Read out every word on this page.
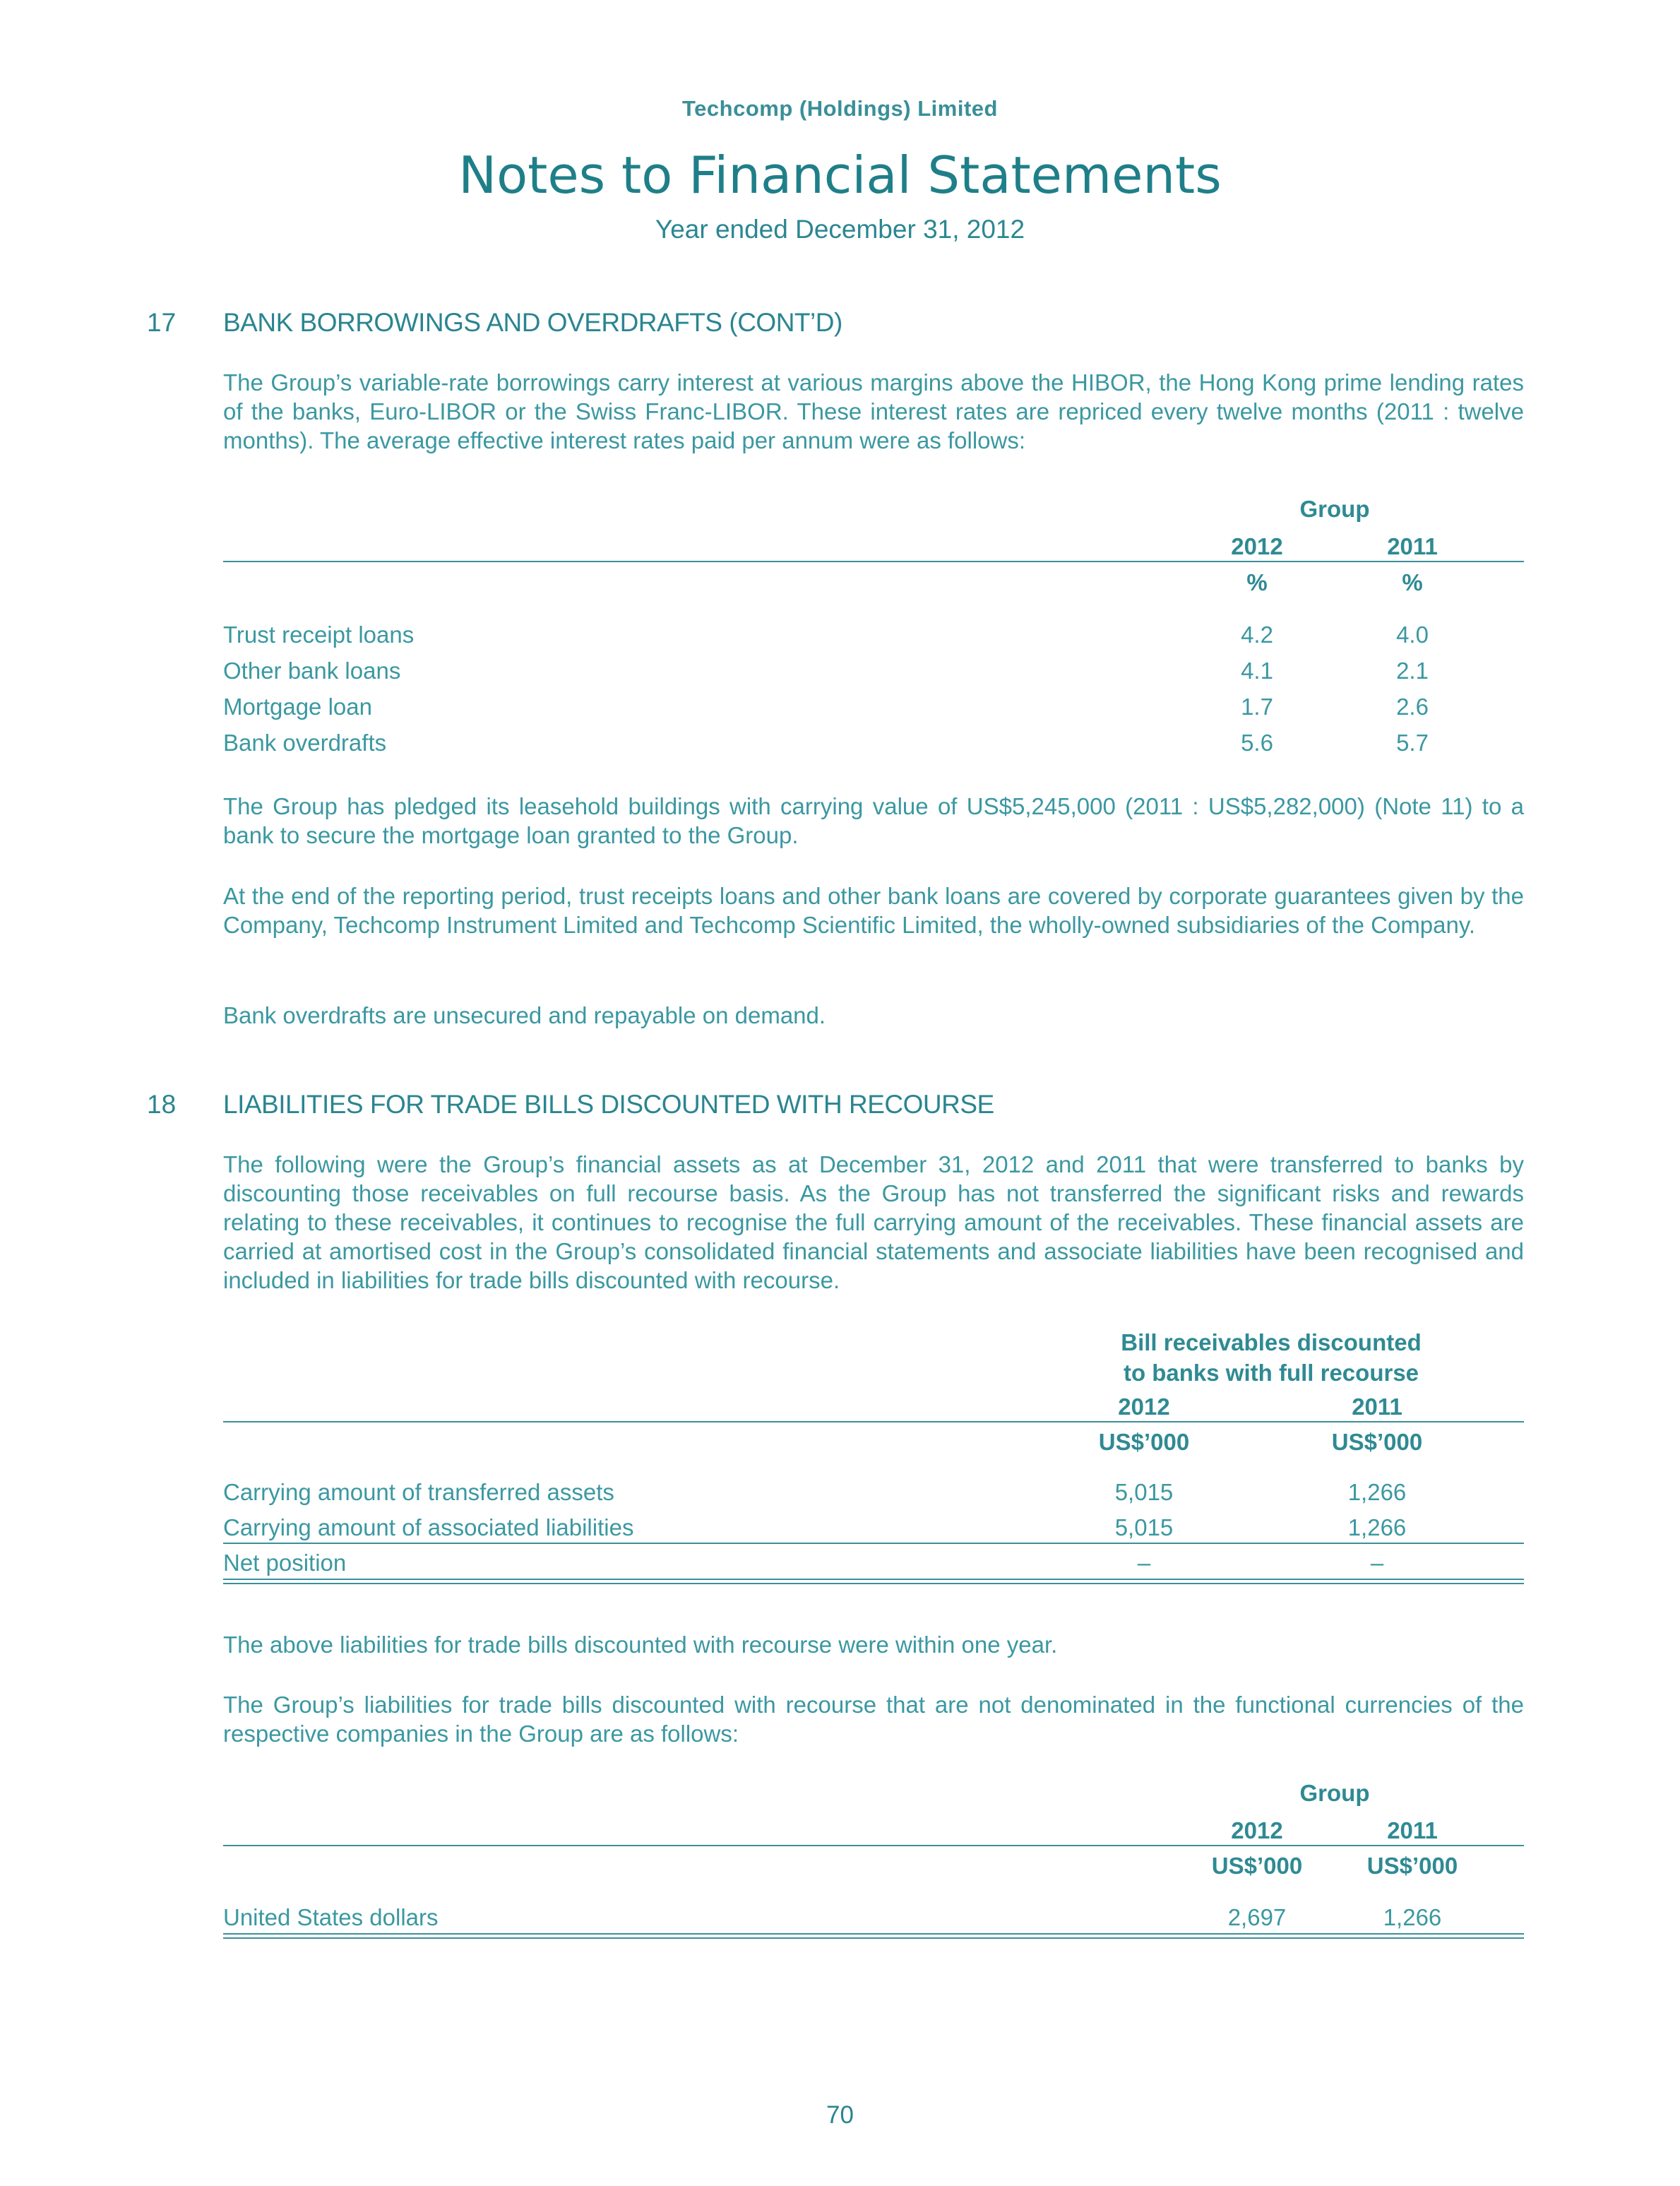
Techcomp (Holdings) Limited
Notes to Financial Statements
Year ended December 31, 2012
17 BANK BORROWINGS AND OVERDRAFTS (CONT’D)
The Group’s variable-rate borrowings carry interest at various margins above the HIBOR, the Hong Kong prime lending rates of the banks, Euro-LIBOR or the Swiss Franc-LIBOR. These interest rates are repriced every twelve months (2011 : twelve months). The average effective interest rates paid per annum were as follows:
Group
2012	2011
%	%
Trust receipt loans	4.2	4.0
Other bank loans	4.1	2.1
Mortgage loan	1.7	2.6
Bank overdrafts	5.6	5.7
The Group has pledged its leasehold buildings with carrying value of US$5,245,000 (2011 : US$5,282,000) (Note 11) to a bank to secure the mortgage loan granted to the Group.
At the end of the reporting period, trust receipts loans and other bank loans are covered by corporate guarantees given by the Company, Techcomp Instrument Limited and Techcomp Scientific Limited, the wholly-owned subsidiaries of the Company.
Bank overdrafts are unsecured and repayable on demand.
18 LIABILITIES FOR TRADE BILLS DISCOUNTED WITH RECOURSE
The following were the Group’s financial assets as at December 31, 2012 and 2011 that were transferred to banks by discounting those receivables on full recourse basis. As the Group has not transferred the significant risks and rewards relating to these receivables, it continues to recognise the full carrying amount of the receivables. These financial assets are carried at amortised cost in the Group’s consolidated financial statements and associate liabilities have been recognised and included in liabilities for trade bills discounted with recourse.
Bill receivables discounted
to banks with full recourse
2012	2011
US$’000	US$’000
Carrying amount of transferred assets	5,015	1,266
Carrying amount of associated liabilities	5,015	1,266
Net position	–	–
The above liabilities for trade bills discounted with recourse were within one year.
The Group’s liabilities for trade bills discounted with recourse that are not denominated in the functional currencies of the respective companies in the Group are as follows:
Group
2012	2011
US$’000	US$’000
United States dollars	2,697	1,266
70
